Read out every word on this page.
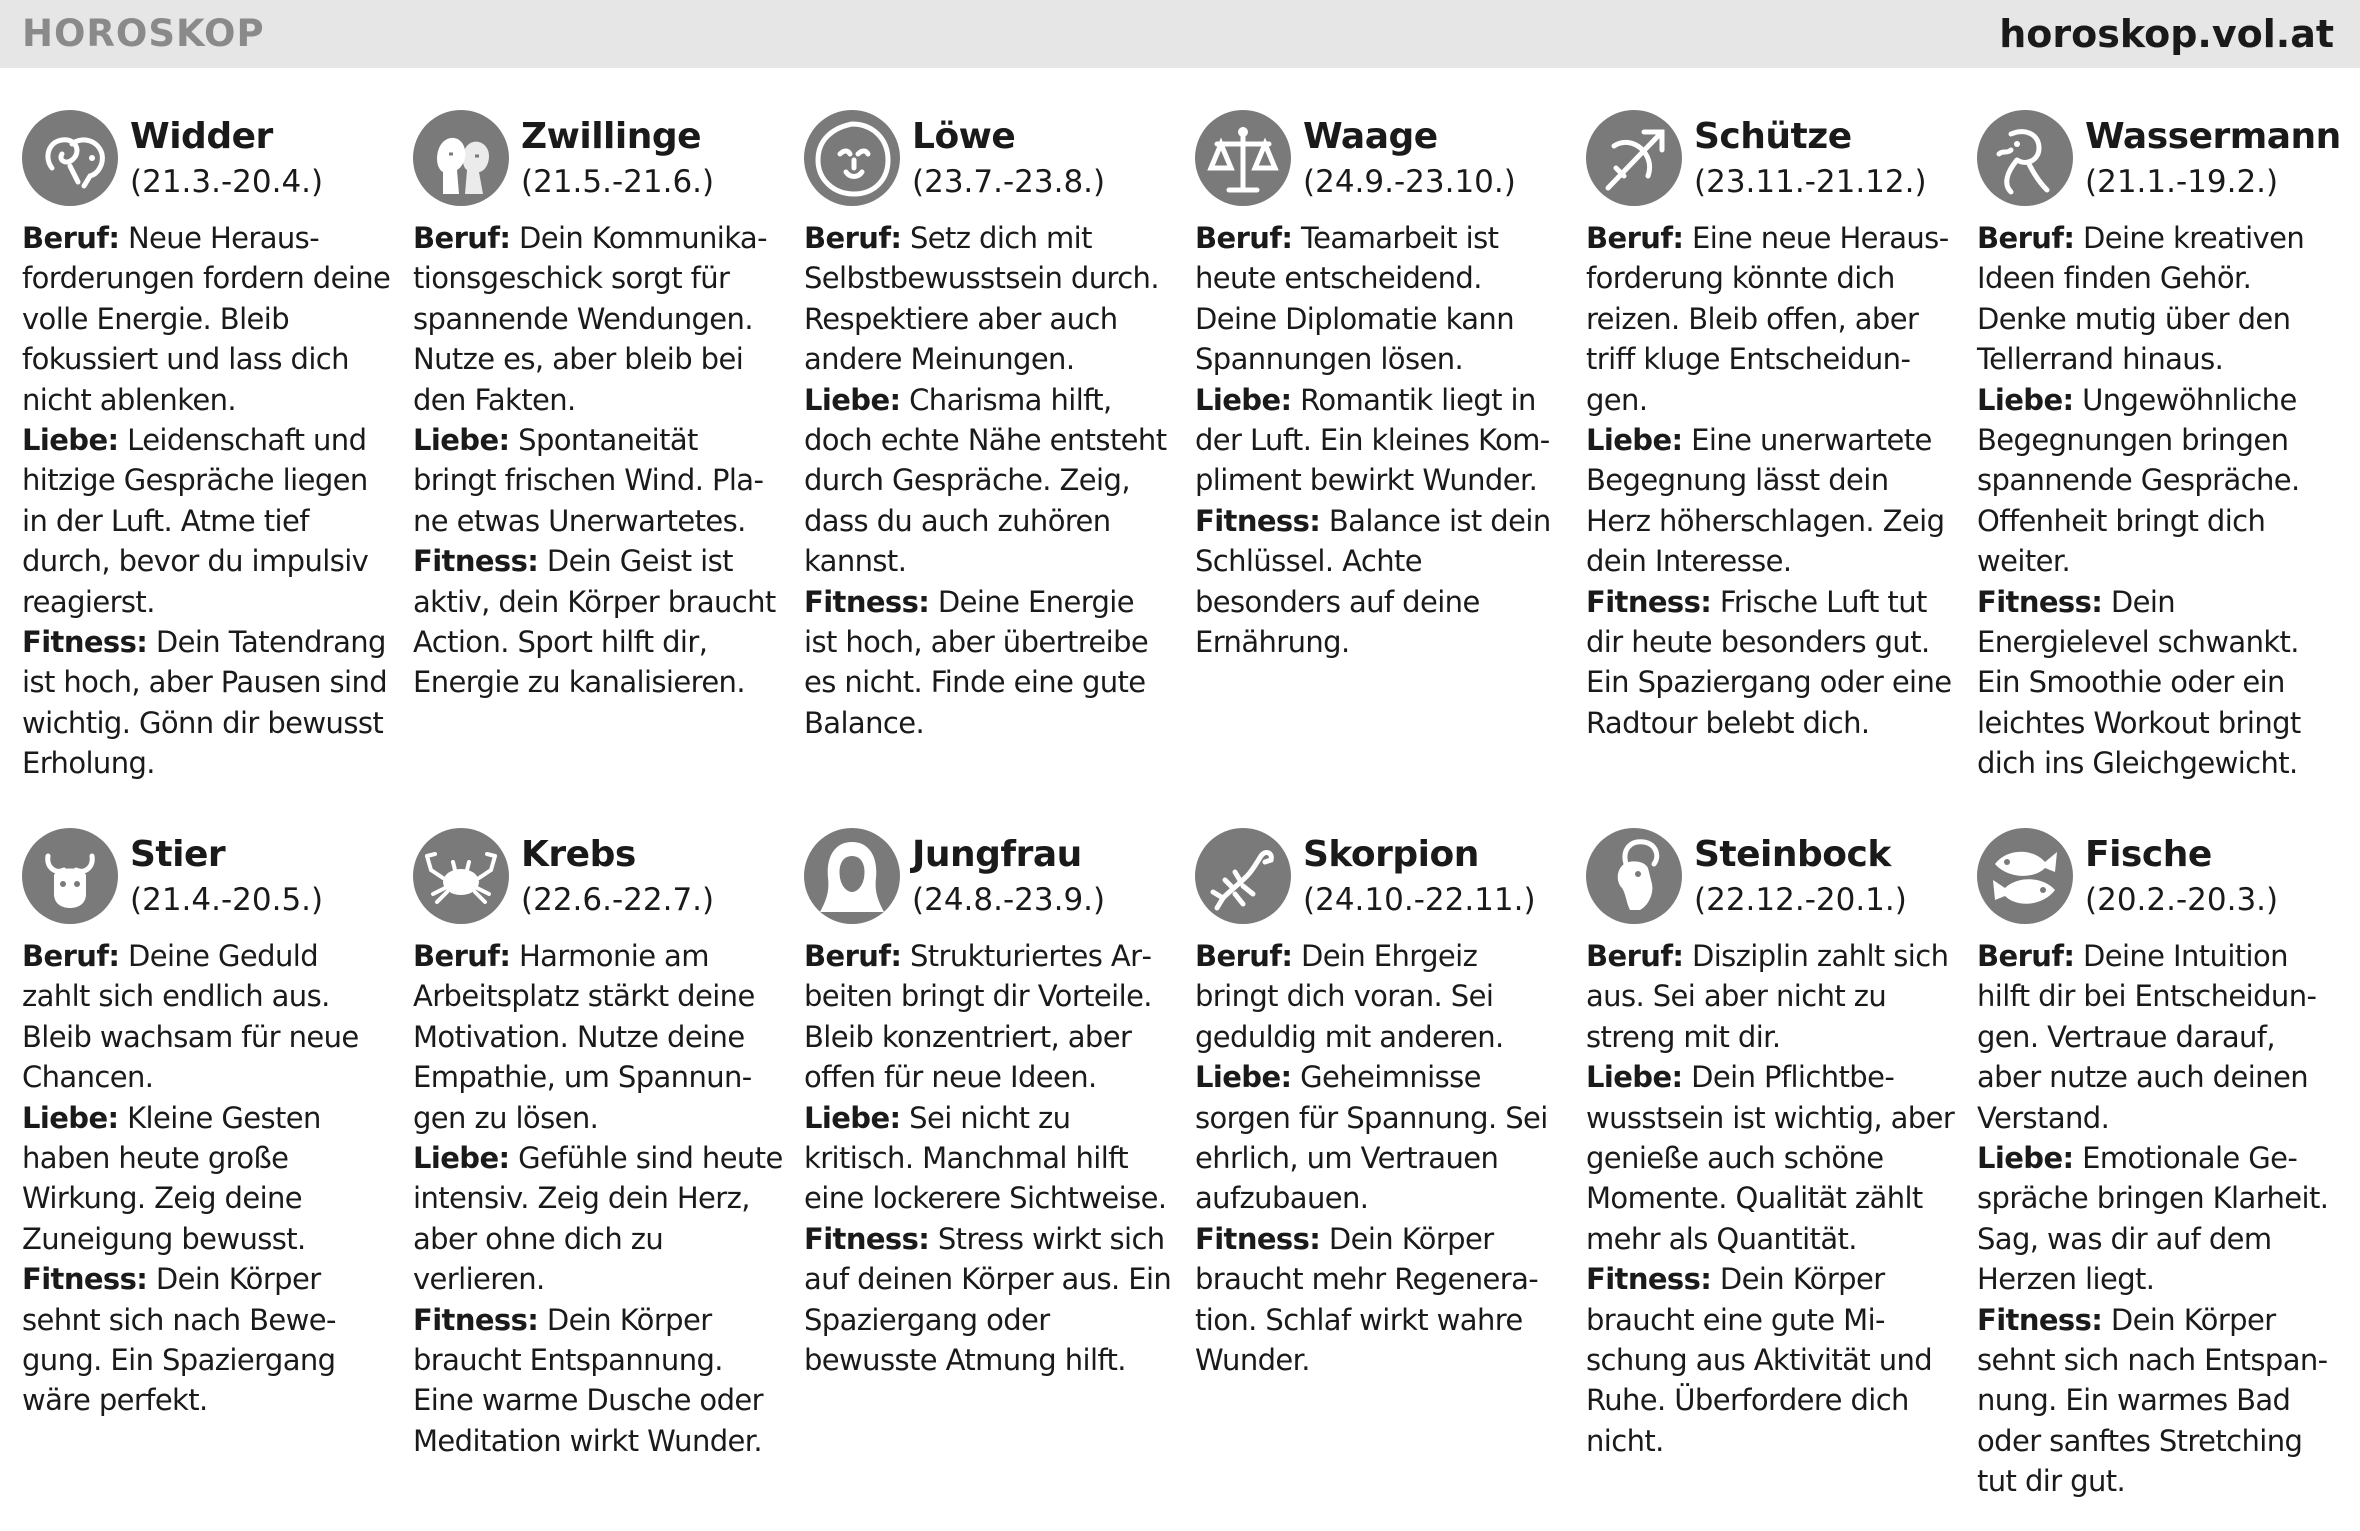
HOROSKOP	horoskop.vol.at
Widder
(21.3.-20.4.)
Beruf: Neue Herausforderungen fordern deine volle Energie. Bleib fokussiert und lass dich nicht ablenken.Liebe: Leidenschaft und hitzige Gespräche liegen in der Luft. Atme tief durch, bevor du impulsiv reagierst.Fitness: Dein Tatendrang ist hoch, aber Pausen sind wichtig. Gönn dir bewusst Erholung.
Zwillinge
(21.5.-21.6.)
Beruf: Dein Kommunikationsgeschick sorgt für spannende Wendungen. Nutze es, aber bleib bei den Fakten.Liebe: Spontaneität bringt frischen Wind. Plane etwas Unerwartetes.Fitness: Dein Geist ist aktiv, dein Körper braucht Action. Sport hilft dir, Energie zu kanalisieren.
Löwe
(23.7.-23.8.)
Beruf: Setz dich mit Selbstbewusstsein durch. Respektiere aber auch andere Meinungen.Liebe: Charisma hilft, doch echte Nähe entsteht durch Gespräche. Zeig, dass du auch zuhören kannst.Fitness: Deine Energie ist hoch, aber übertreibe es nicht. Finde eine gute Balance.
Waage
(24.9.-23.10.)
Beruf: Teamarbeit ist heute entscheidend. Deine Diplomatie kann Spannungen lösen.Liebe: Romantik liegt in der Luft. Ein kleines Kompliment bewirkt Wunder.Fitness: Balance ist dein Schlüssel. Achte besonders auf deine Ernährung.
Schütze
(23.11.-21.12.)
Beruf: Eine neue Herausforderung könnte dich reizen. Bleib offen, aber triff kluge Entscheidungen.Liebe: Eine unerwartete Begegnung lässt dein Herz höherschlagen. Zeig dein Interesse.Fitness: Frische Luft tut dir heute besonders gut. Ein Spaziergang oder eine Radtour belebt dich.
Wassermann
(21.1.-19.2.)
Beruf: Deine kreativen Ideen finden Gehör. Denke mutig über den Tellerrand hinaus.Liebe: Ungewöhnliche Begegnungen bringen spannende Gespräche. Offenheit bringt dich weiter.Fitness: Dein Energielevel schwankt. Ein Smoothie oder ein leichtes Workout bringt dich ins Gleichgewicht.
Stier
(21.4.-20.5.)
Beruf: Deine Geduld zahlt sich endlich aus. Bleib wachsam für neue Chancen.Liebe: Kleine Gesten haben heute große Wirkung. Zeig deine Zuneigung bewusst.Fitness: Dein Körper sehnt sich nach Bewegung. Ein Spaziergang wäre perfekt.
Krebs
(22.6.-22.7.)
Beruf: Harmonie am Arbeitsplatz stärkt deine Motivation. Nutze deine Empathie, um Spannungen zu lösen.Liebe: Gefühle sind heute intensiv. Zeig dein Herz, aber ohne dich zu verlieren.Fitness: Dein Körper braucht Entspannung. Eine warme Dusche oder Meditation wirkt Wunder.
Jungfrau
(24.8.-23.9.)
Beruf: Strukturiertes Arbeiten bringt dir Vorteile. Bleib konzentriert, aber offen für neue Ideen.Liebe: Sei nicht zu kritisch. Manchmal hilft eine lockerere Sichtweise.Fitness: Stress wirkt sich auf deinen Körper aus. Ein Spaziergang oder bewusste Atmung hilft.
Skorpion
(24.10.-22.11.)
Beruf: Dein Ehrgeiz bringt dich voran. Sei geduldig mit anderen.Liebe: Geheimnisse sorgen für Spannung. Sei ehrlich, um Vertrauen aufzubauen.Fitness: Dein Körper braucht mehr Regeneration. Schlaf wirkt wahre Wunder.
Steinbock
(22.12.-20.1.)
Beruf: Disziplin zahlt sich aus. Sei aber nicht zu streng mit dir.Liebe: Dein Pflichtbewusstsein ist wichtig, aber genieße auch schöne Momente. Qualität zählt mehr als Quantität.Fitness: Dein Körper braucht eine gute Mischung aus Aktivität und Ruhe. Überfordere dich nicht.
Fische
(20.2.-20.3.)
Beruf: Deine Intuition hilft dir bei Entscheidungen. Vertraue darauf, aber nutze auch deinen Verstand.Liebe: Emotionale Gespräche bringen Klarheit. Sag, was dir auf dem Herzen liegt.Fitness: Dein Körper sehnt sich nach Entspannung. Ein warmes Bad oder sanftes Stretching tut dir gut.
